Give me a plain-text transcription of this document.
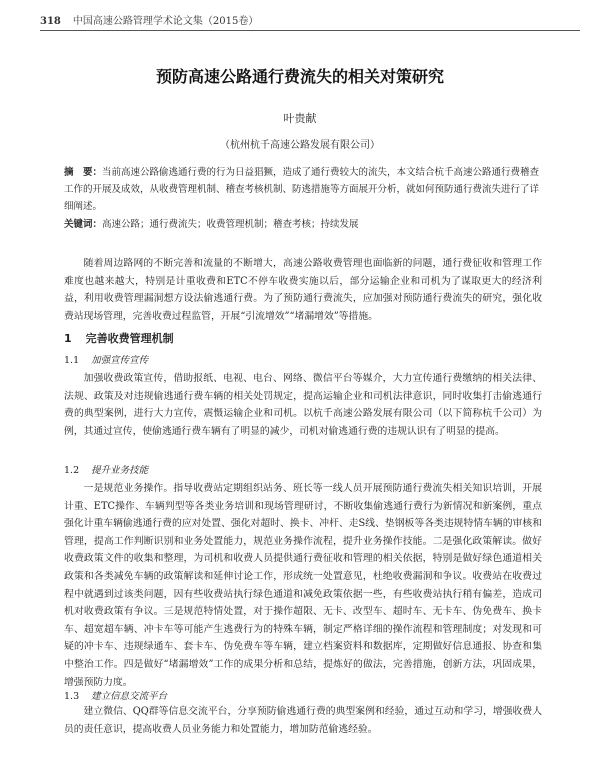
318 中国高速公路管理学术论文集（2015卷）
预防高速公路通行费流失的相关对策研究
叶贵献
（杭州杭千高速公路发展有限公司）
摘　要：当前高速公路偷逃通行费的行为日益猖獗，造成了通行费较大的流失，本文结合杭千高速公路通行费稽查工作的开展及成效，从收费管理机制、稽查考核机制、防逃措施等方面展开分析，就如何预防通行费流失进行了详细阐述。
关键词：高速公路；通行费流失；收费管理机制；稽查考核；持续发展
随着周边路网的不断完善和流量的不断增大，高速公路收费管理也面临新的问题，通行费征收和管理工作难度也越来越大，特别是计重收费和ETC不停车收费实施以后，部分运输企业和司机为了谋取更大的经济利益，利用收费管理漏洞想方设法偷逃通行费。为了预防通行费流失，应加强对预防通行费流失的研究，强化收费站现场管理，完善收费过程监管，开展“引流增效”“堵漏增效”等措施。
1 完善收费管理机制
1.1 加强宣传宣传
加强收费政策宣传，借助报纸、电视、电台、网络、微信平台等媒介，大力宣传通行费缴纳的相关法律、法规、政策及对违规偷逃通行费车辆的相关处罚规定，提高运输企业和司机法律意识，同时收集打击偷逃通行费的典型案例，进行大力宣传，震慑运输企业和司机。以杭千高速公路发展有限公司（以下简称杭千公司）为例，其通过宣传，使偷逃通行费车辆有了明显的减少，司机对偷逃通行费的违规认识有了明显的提高。
1.2 提升业务技能
一是规范业务操作。指导收费站定期组织站务、班长等一线人员开展预防通行费流失相关知识培训，开展计重、ETC操作、车辆判型等各类业务培训和现场管理研讨，不断收集偷逃通行费行为新情况和新案例，重点强化计重车辆偷逃通行费的应对处置、强化对超时、换卡、冲杆、走S线、垫钢板等各类违规特情车辆的审核和管理，提高工作判断识别和业务处置能力，规范业务操作流程，提升业务操作技能。二是强化政策解读。做好收费政策文件的收集和整理，为司机和收费人员提供通行费征收和管理的相关依据，特别是做好绿色通道相关政策和各类减免车辆的政策解读和延伸讨论工作，形成统一处置意见，杜绝收费漏洞和争议。收费站在收费过程中就遇到过该类问题，因有些收费站执行绿色通道和减免政策依据一些，有些收费站执行稍有偏差，造成司机对收费政策有争议。三是规范特情处置，对于操作超限、无卡、改型车、超时车、无卡车、伪免费车、换卡车、超宽超车辆、冲卡车等可能产生逃费行为的特殊车辆，制定严格详细的操作流程和管理制度；对发现和可疑的冲卡车、违规绿通车、套卡车、伪免费车等车辆，建立档案资料和数据库，定期做好信息通报、协查和集中整治工作。四是做好“堵漏增效”工作的成果分析和总结，提炼好的做法，完善措施，创新方法，巩固成果，增强预防力度。
1.3 建立信息交流平台
建立微信、QQ群等信息交流平台，分享预防偷逃通行费的典型案例和经验，通过互动和学习，增强收费人员的责任意识，提高收费人员业务能力和处置能力，增加防范偷逃经验。
